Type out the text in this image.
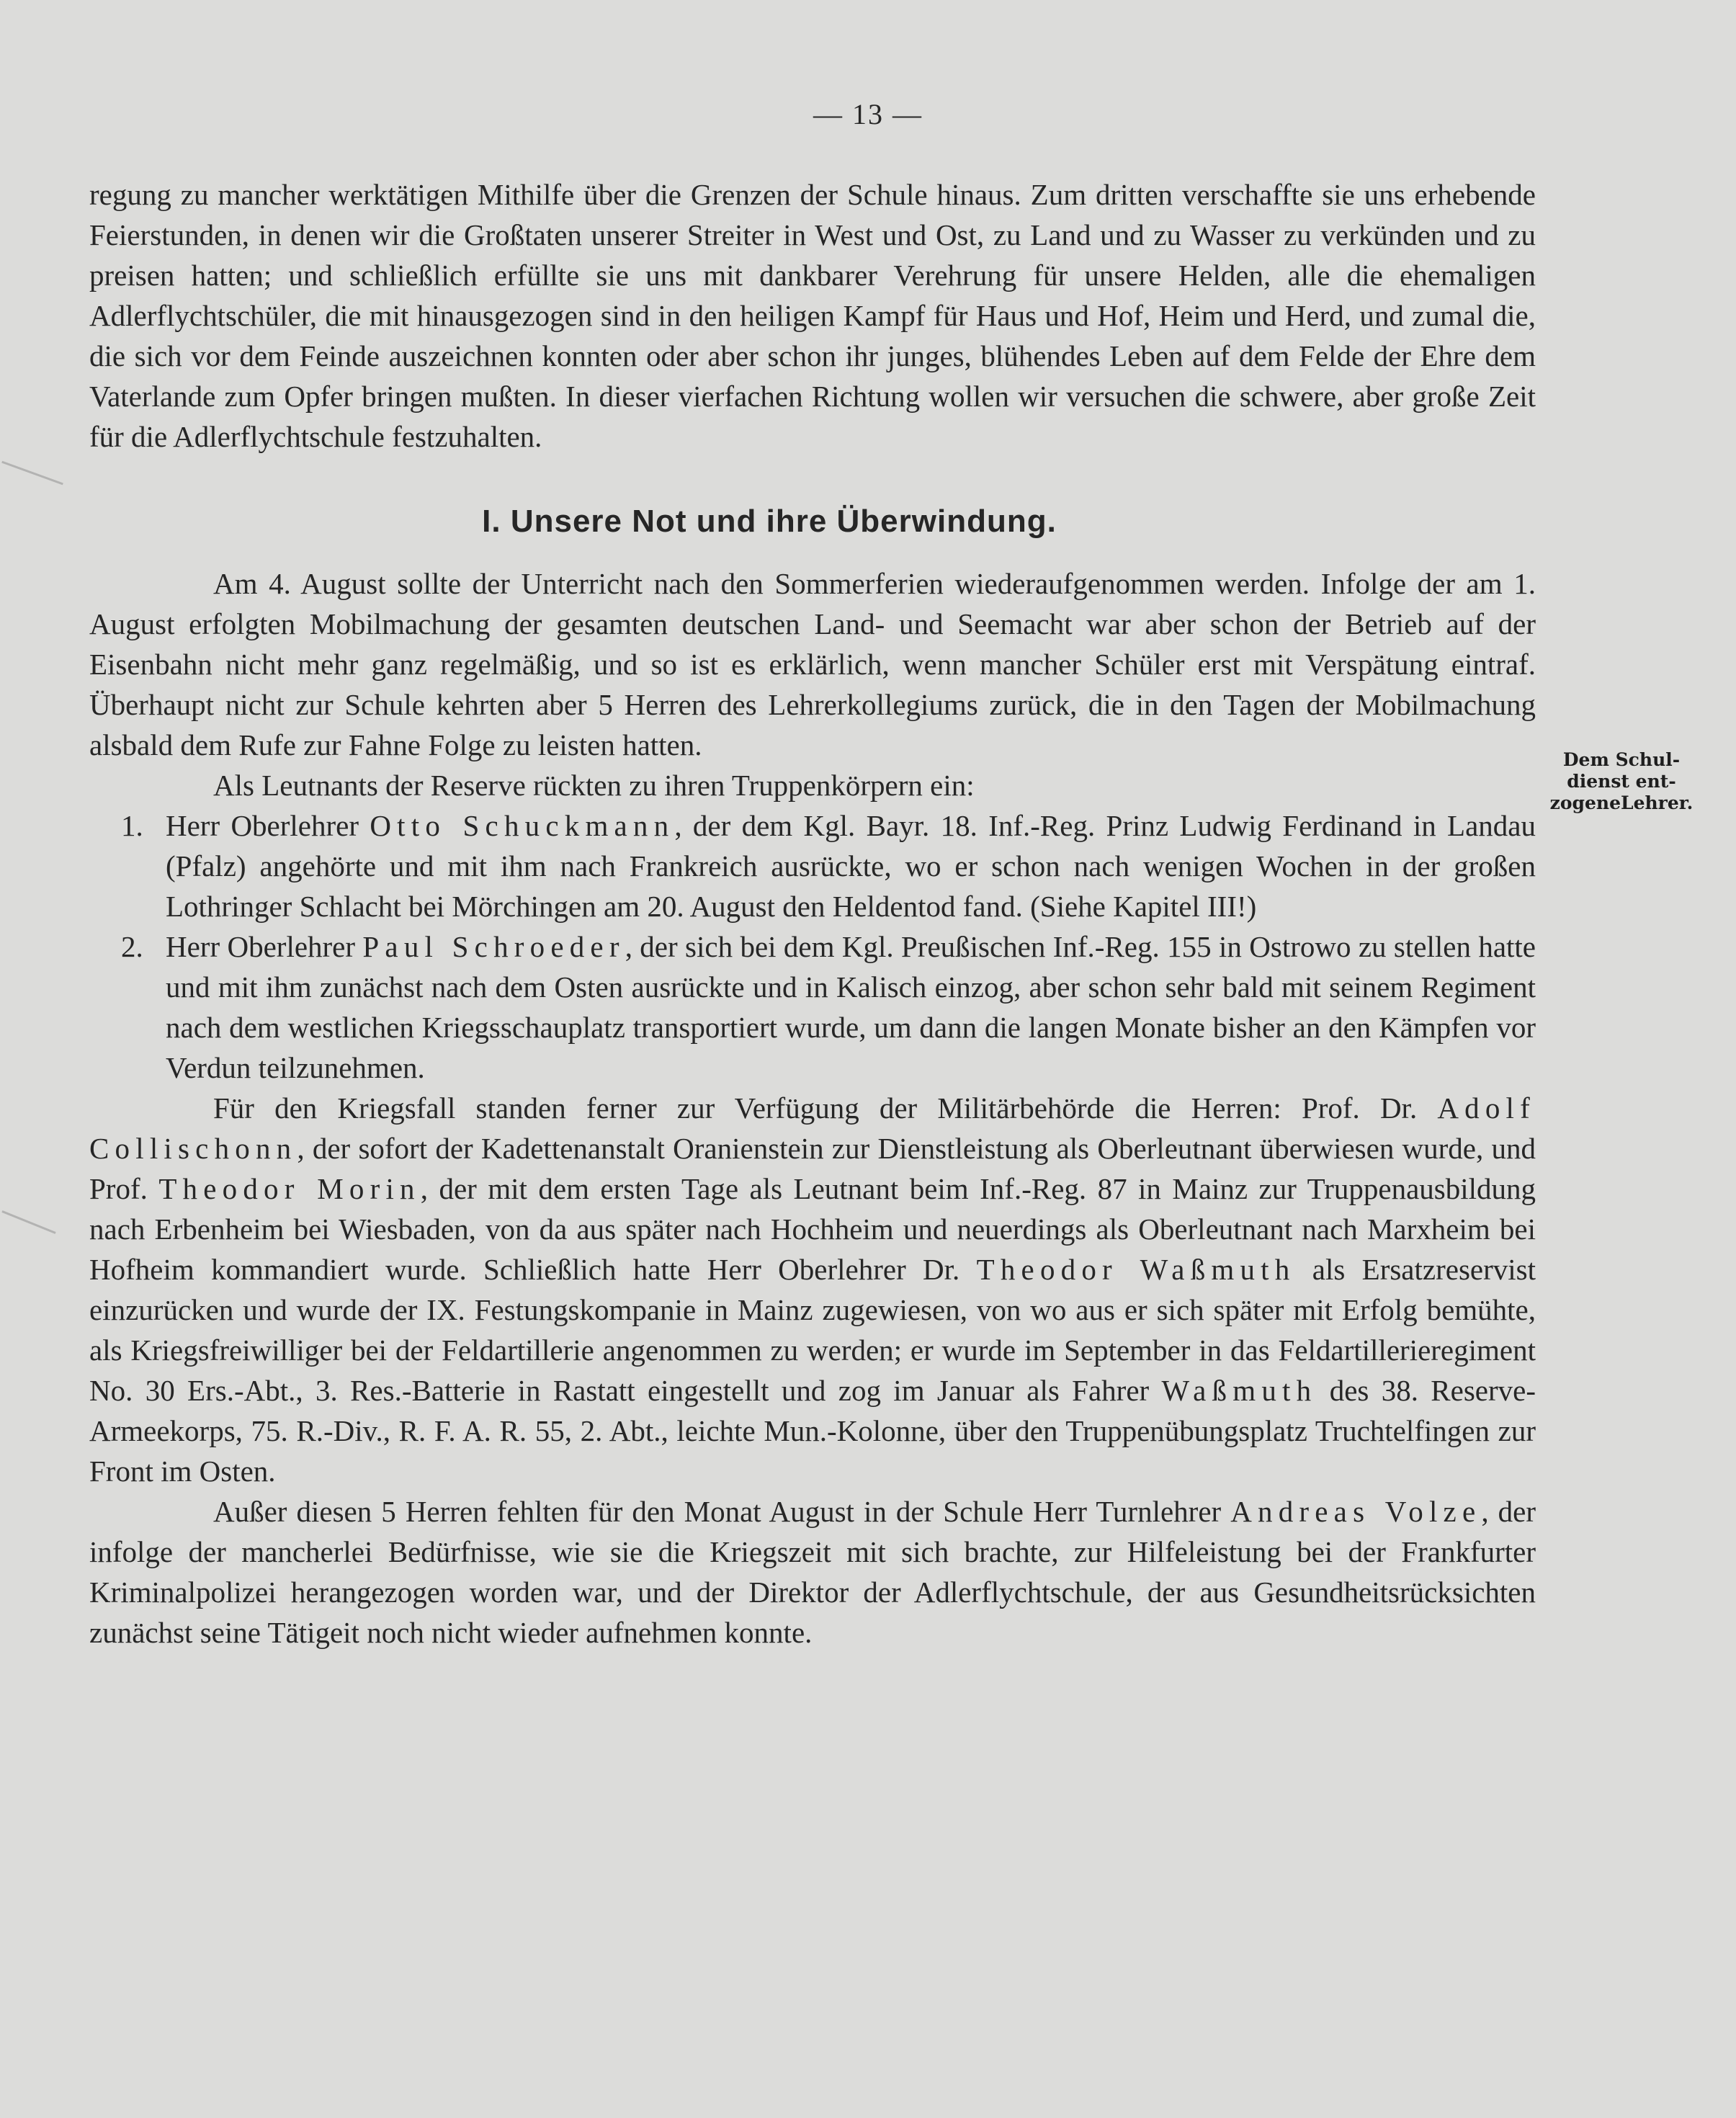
— 13 —

regung zu mancher werktätigen Mithilfe über die Grenzen der Schule hinaus. Zum dritten verschaffte sie uns erhebende Feierstunden, in denen wir die Großtaten unserer Streiter in West und Ost, zu Land und zu Wasser zu verkünden und zu preisen hatten; und schließlich erfüllte sie uns mit dankbarer Verehrung für unsere Helden, alle die ehemaligen Adlerflychtschüler, die mit hinausgezogen sind in den heiligen Kampf für Haus und Hof, Heim und Herd, und zumal die, die sich vor dem Feinde auszeichnen konnten oder aber schon ihr junges, blühendes Leben auf dem Felde der Ehre dem Vaterlande zum Opfer bringen mußten. In dieser vierfachen Richtung wollen wir versuchen die schwere, aber große Zeit für die Adlerflychtschule festzuhalten.

I. Unsere Not und ihre Überwindung.

Am 4. August sollte der Unterricht nach den Sommerferien wiederaufgenommen werden. Infolge der am 1. August erfolgten Mobilmachung der gesamten deutschen Land- und Seemacht war aber schon der Betrieb auf der Eisenbahn nicht mehr ganz regelmäßig, und so ist es erklärlich, wenn mancher Schüler erst mit Verspätung eintraf. Überhaupt nicht zur Schule kehrten aber 5 Herren des Lehrerkollegiums zurück, die in den Tagen der Mobilmachung alsbald dem Rufe zur Fahne Folge zu leisten hatten.

Als Leutnants der Reserve rückten zu ihren Truppenkörpern ein:

1. Herr Oberlehrer Otto Schuckmann, der dem Kgl. Bayr. 18. Inf.-Reg. Prinz Ludwig Ferdinand in Landau (Pfalz) angehörte und mit ihm nach Frankreich ausrückte, wo er schon nach wenigen Wochen in der großen Lothringer Schlacht bei Mörchingen am 20. August den Heldentod fand. (Siehe Kapitel III!)
2. Herr Oberlehrer Paul Schroeder, der sich bei dem Kgl. Preußischen Inf.-Reg. 155 in Ostrowo zu stellen hatte und mit ihm zunächst nach dem Osten ausrückte und in Kalisch einzog, aber schon sehr bald mit seinem Regiment nach dem westlichen Kriegsschauplatz transportiert wurde, um dann die langen Monate bisher an den Kämpfen vor Verdun teilzunehmen.

Für den Kriegsfall standen ferner zur Verfügung der Militärbehörde die Herren: Prof. Dr. Adolf Collischonn, der sofort der Kadettenanstalt Oranienstein zur Dienstleistung als Oberleutnant überwiesen wurde, und Prof. Theodor Morin, der mit dem ersten Tage als Leutnant beim Inf.-Reg. 87 in Mainz zur Truppenausbildung nach Erbenheim bei Wiesbaden, von da aus später nach Hochheim und neuerdings als Oberleutnant nach Marxheim bei Hofheim kommandiert wurde. Schließlich hatte Herr Oberlehrer Dr. Theodor Waßmuth als Ersatzreservist einzurücken und wurde der IX. Festungskompanie in Mainz zugewiesen, von wo aus er sich später mit Erfolg bemühte, als Kriegsfreiwilliger bei der Feldartillerie angenommen zu werden; er wurde im September in das Feldartillerieregiment No. 30 Ers.-Abt., 3. Res.-Batterie in Rastatt eingestellt und zog im Januar als Fahrer Waßmuth des 38. Reserve-Armeekorps, 75. R.-Div., R. F. A. R. 55, 2. Abt., leichte Mun.-Kolonne, über den Truppenübungsplatz Truchtelfingen zur Front im Osten.

Außer diesen 5 Herren fehlten für den Monat August in der Schule Herr Turnlehrer Andreas Volze, der infolge der mancherlei Bedürfnisse, wie sie die Kriegszeit mit sich brachte, zur Hilfeleistung bei der Frankfurter Kriminalpolizei herangezogen worden war, und der Direktor der Adlerflychtschule, der aus Gesundheitsrücksichten zunächst seine Tätigeit noch nicht wieder aufnehmen konnte.

Dem Schul-dienst ent-zogeneLehrer.
